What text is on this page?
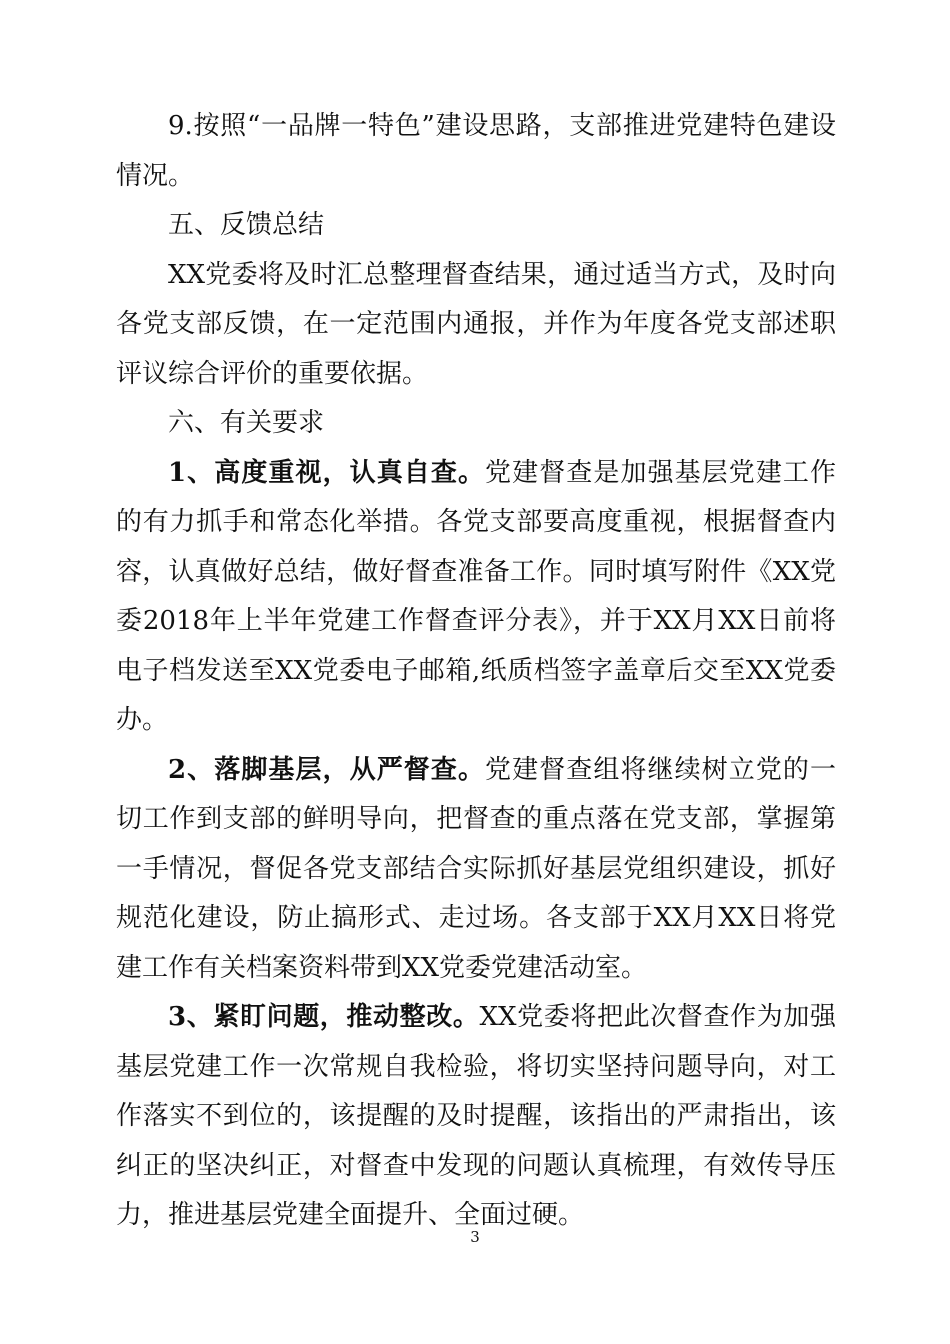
9.按照“一品牌一特色”建设思路，支部推进党建特色建设情况。

五、反馈总结

XX党委将及时汇总整理督查结果，通过适当方式，及时向各党支部反馈，在一定范围内通报，并作为年度各党支部述职评议综合评价的重要依据。

六、有关要求

1、高度重视，认真自查。党建督查是加强基层党建工作的有力抓手和常态化举措。各党支部要高度重视，根据督查内容，认真做好总结，做好督查准备工作。同时填写附件《XX党委2018年上半年党建工作督查评分表》，并于XX月XX日前将电子档发送至XX党委电子邮箱,纸质档签字盖章后交至XX党委办。

2、落脚基层，从严督查。党建督查组将继续树立党的一切工作到支部的鲜明导向，把督查的重点落在党支部，掌握第一手情况，督促各党支部结合实际抓好基层党组织建设，抓好规范化建设，防止搞形式、走过场。各支部于XX月XX日将党建工作有关档案资料带到XX党委党建活动室。

3、紧盯问题，推动整改。XX党委将把此次督查作为加强基层党建工作一次常规自我检验，将切实坚持问题导向，对工作落实不到位的，该提醒的及时提醒，该指出的严肃指出，该纠正的坚决纠正，对督查中发现的问题认真梳理，有效传导压力，推进基层党建全面提升、全面过硬。

3
